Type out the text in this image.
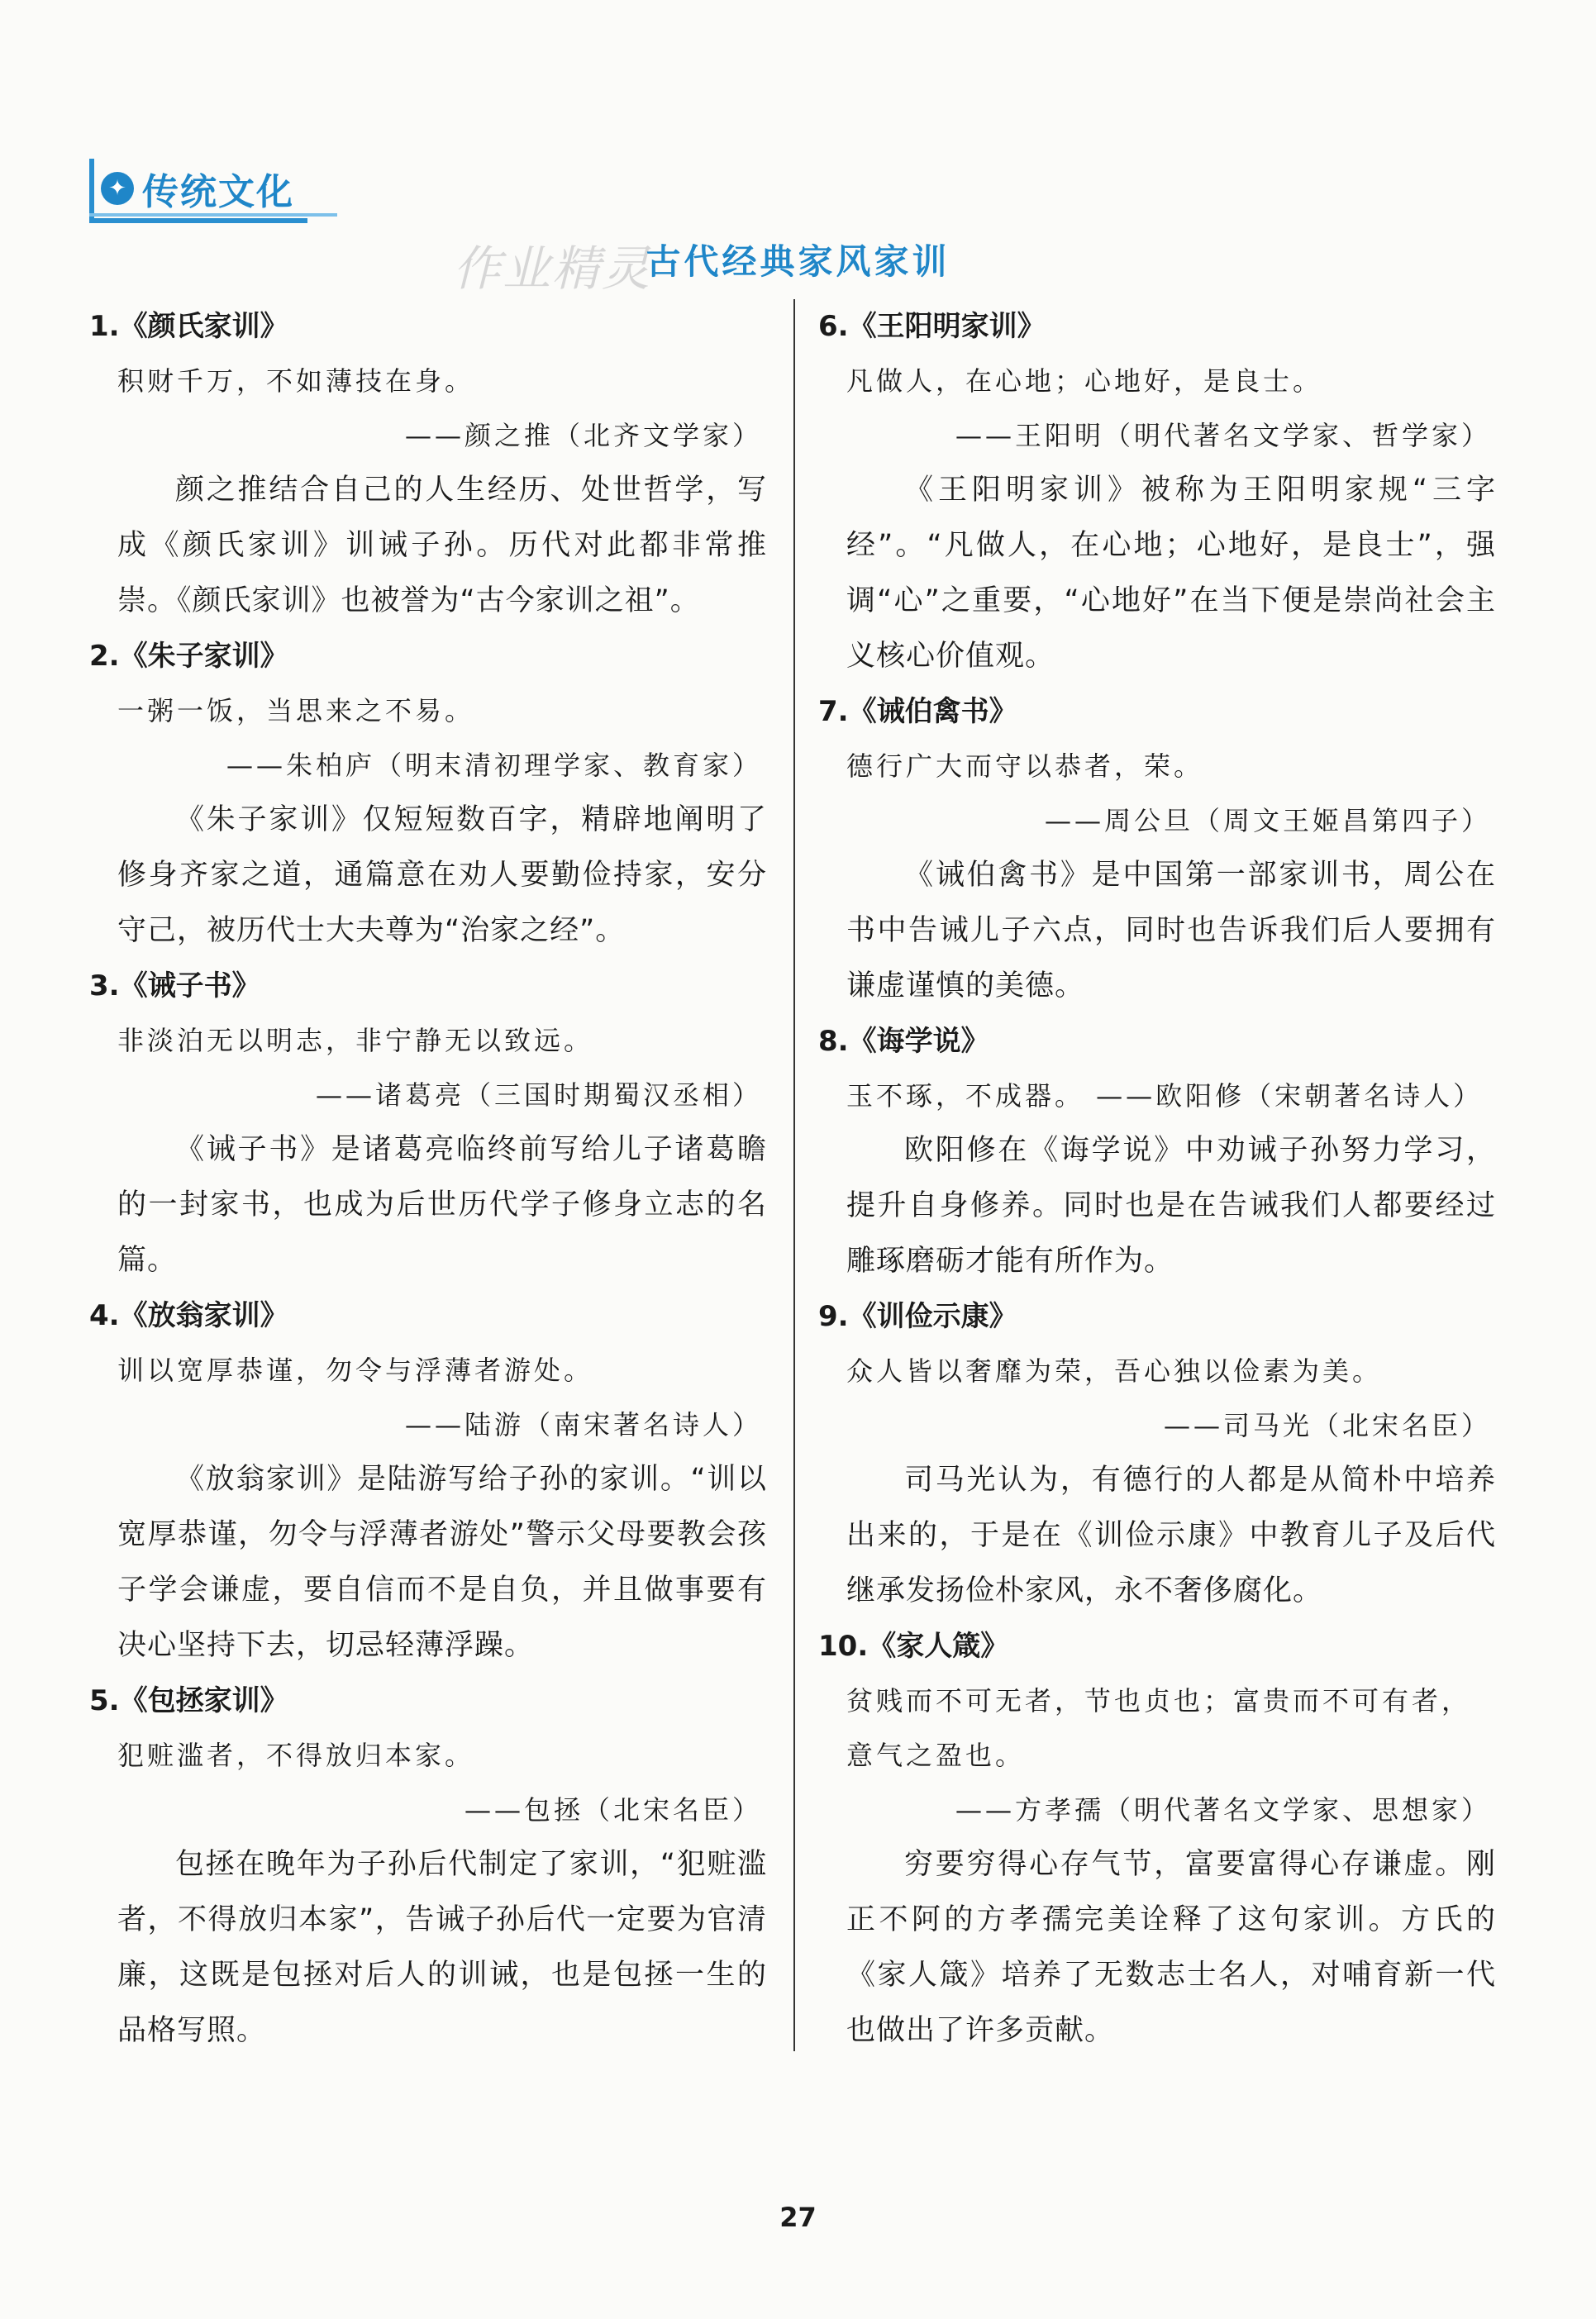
✦ 传统文化
作业精灵
古代经典家风家训
1.《颜氏家训》
积财千万，不如薄技在身。
——颜之推（北齐文学家）
颜之推结合自己的人生经历、处世哲学，写成《颜氏家训》训诫子孙。历代对此都非常推崇。《颜氏家训》也被誉为“古今家训之祖”。
2.《朱子家训》
一粥一饭，当思来之不易。
——朱柏庐（明末清初理学家、教育家）
《朱子家训》仅短短数百字，精辟地阐明了修身齐家之道，通篇意在劝人要勤俭持家，安分守己，被历代士大夫尊为“治家之经”。
3.《诫子书》
非淡泊无以明志，非宁静无以致远。
——诸葛亮（三国时期蜀汉丞相）
《诫子书》是诸葛亮临终前写给儿子诸葛瞻的一封家书，也成为后世历代学子修身立志的名篇。
4.《放翁家训》
训以宽厚恭谨，勿令与浮薄者游处。
——陆游（南宋著名诗人）
《放翁家训》是陆游写给子孙的家训。“训以宽厚恭谨，勿令与浮薄者游处”警示父母要教会孩子学会谦虚，要自信而不是自负，并且做事要有决心坚持下去，切忌轻薄浮躁。
5.《包拯家训》
犯赃滥者，不得放归本家。
——包拯（北宋名臣）
包拯在晚年为子孙后代制定了家训，“犯赃滥者，不得放归本家”，告诫子孙后代一定要为官清廉，这既是包拯对后人的训诫，也是包拯一生的品格写照。
6.《王阳明家训》
凡做人，在心地；心地好，是良士。
——王阳明（明代著名文学家、哲学家）
《王阳明家训》被称为王阳明家规“三字经”。“凡做人，在心地；心地好，是良士”，强调“心”之重要，“心地好”在当下便是崇尚社会主义核心价值观。
7.《诫伯禽书》
德行广大而守以恭者，荣。
——周公旦（周文王姬昌第四子）
《诫伯禽书》是中国第一部家训书，周公在书中告诫儿子六点，同时也告诉我们后人要拥有谦虚谨慎的美德。
8.《诲学说》
玉不琢，不成器。 ——欧阳修（宋朝著名诗人）
欧阳修在《诲学说》中劝诫子孙努力学习，提升自身修养。同时也是在告诫我们人都要经过雕琢磨砺才能有所作为。
9.《训俭示康》
众人皆以奢靡为荣，吾心独以俭素为美。
——司马光（北宋名臣）
司马光认为，有德行的人都是从简朴中培养出来的，于是在《训俭示康》中教育儿子及后代继承发扬俭朴家风，永不奢侈腐化。
10.《家人箴》
贫贱而不可无者，节也贞也；富贵而不可有者，意气之盈也。
——方孝孺（明代著名文学家、思想家）
穷要穷得心存气节，富要富得心存谦虚。刚正不阿的方孝孺完美诠释了这句家训。方氏的《家人箴》培养了无数志士名人，对哺育新一代也做出了许多贡献。
27
